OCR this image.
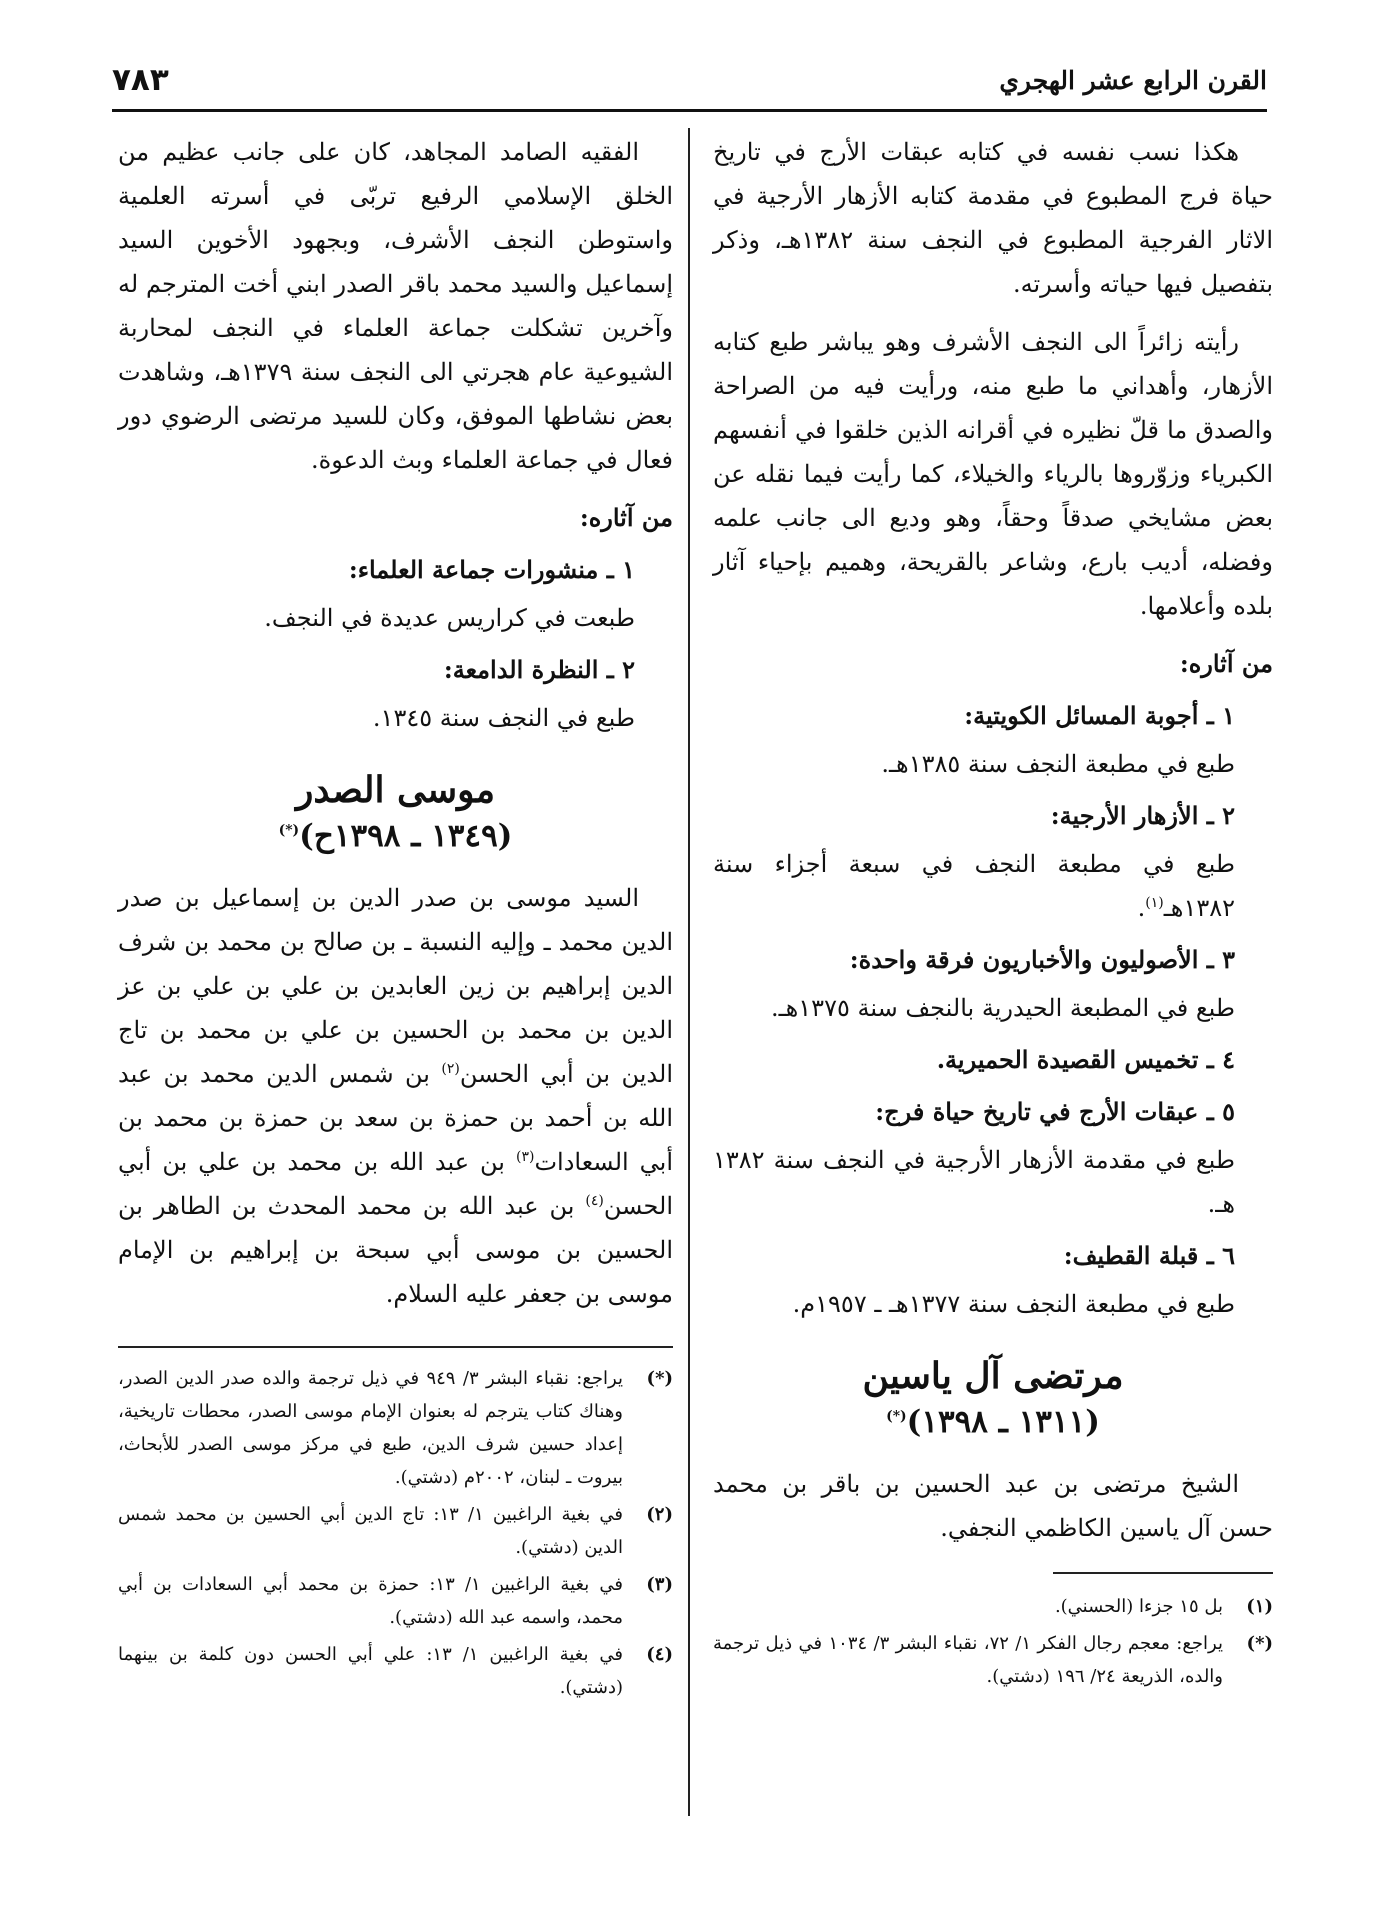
القرن الرابع عشر الهجري
٧٨٣

هكذا نسب نفسه في كتابه عبقات الأرج في تاريخ حياة فرج المطبوع في مقدمة كتابه الأزهار الأرجية في الاثار الفرجية المطبوع في النجف سنة ١٣٨٢هـ، وذكر بتفصيل فيها حياته وأسرته.

رأيته زائراً الى النجف الأشرف وهو يباشر طبع كتابه الأزهار، وأهداني ما طبع منه، ورأيت فيه من الصراحة والصدق ما قلّ نظيره في أقرانه الذين خلقوا في أنفسهم الكبرياء وزوّروها بالرياء والخيلاء، كما رأيت فيما نقله عن بعض مشايخي صدقاً وحقاً، وهو وديع الى جانب علمه وفضله، أديب بارع، وشاعر بالقريحة، وهميم بإحياء آثار بلده وأعلامها.

من آثاره:
١ ـ أجوبة المسائل الكويتية:

طبع في مطبعة النجف سنة ١٣٨٥هـ.

٢ ـ الأزهار الأرجية:

طبع في مطبعة النجف في سبعة أجزاء سنة ١٣٨٢هـ$^{(١)}$.

٣ ـ الأصوليون والأخباريون فرقة واحدة:

طبع في المطبعة الحيدرية بالنجف سنة ١٣٧٥هـ.

٤ ـ تخميس القصيدة الحميرية.
٥ ـ عبقات الأرج في تاريخ حياة فرج:

طبع في مقدمة الأزهار الأرجية في النجف سنة ١٣٨٢ هـ.

٦ ـ قبلة القطيف:

طبع في مطبعة النجف سنة ١٣٧٧هـ ـ ١٩٥٧م.

مرتضى آل ياسين
(١٣١١ ـ ١٣٩٨)(*)

الشيخ مرتضى بن عبد الحسين بن باقر بن محمد حسن آل ياسين الكاظمي النجفي.

(١)
بل ١٥ جزءا (الحسني).
(*)
يراجع: معجم رجال الفكر ١/ ٧٢، نقباء البشر ٣/ ١٠٣٤ في ذيل ترجمة والده، الذريعة ٢٤/ ١٩٦ (دشتي).

الفقيه الصامد المجاهد، كان على جانب عظيم من الخلق الإسلامي الرفيع تربّى في أسرته العلمية واستوطن النجف الأشرف، وبجهود الأخوين السيد إسماعيل والسيد محمد باقر الصدر ابني أخت المترجم له وآخرين تشكلت جماعة العلماء في النجف لمحاربة الشيوعية عام هجرتي الى النجف سنة ١٣٧٩هـ، وشاهدت بعض نشاطها الموفق، وكان للسيد مرتضى الرضوي دور فعال في جماعة العلماء وبث الدعوة.

من آثاره:
١ ـ منشورات جماعة العلماء:

طبعت في كراريس عديدة في النجف.

٢ ـ النظرة الدامعة:

طبع في النجف سنة ١٣٤٥.

موسى الصدر
(١٣٤٩ ـ ١٣٩٨ح)(*)

السيد موسى بن صدر الدين بن إسماعيل بن صدر الدين محمد ـ وإليه النسبة ـ بن صالح بن محمد بن شرف الدين إبراهيم بن زين العابدين بن علي بن علي بن عز الدين بن محمد بن الحسين بن علي بن محمد بن تاج الدين بن أبي الحسن$^{(٢)}$ بن شمس الدين محمد بن عبد الله بن أحمد بن حمزة بن سعد بن حمزة بن محمد بن أبي السعادات$^{(٣)}$ بن عبد الله بن محمد بن علي بن أبي الحسن$^{(٤)}$ بن عبد الله بن محمد المحدث بن الطاهر بن الحسين بن موسى أبي سبحة بن إبراهيم بن الإمام موسى بن جعفر عليه السلام.

(*)
يراجع: نقباء البشر ٣/ ٩٤٩ في ذيل ترجمة والده صدر الدين الصدر، وهناك كتاب يترجم له بعنوان الإمام موسى الصدر، محطات تاريخية، إعداد حسين شرف الدين، طبع في مركز موسى الصدر للأبحاث، بيروت ـ لبنان، ٢٠٠٢م (دشتي).
(٢)
في بغية الراغبين ١/ ١٣: تاج الدين أبي الحسين بن محمد شمس الدين (دشتي).
(٣)
في بغية الراغبين ١/ ١٣: حمزة بن محمد أبي السعادات بن أبي محمد، واسمه عبد الله (دشتي).
(٤)
في بغية الراغبين ١/ ١٣: علي أبي الحسن دون كلمة بن بينهما (دشتي).
